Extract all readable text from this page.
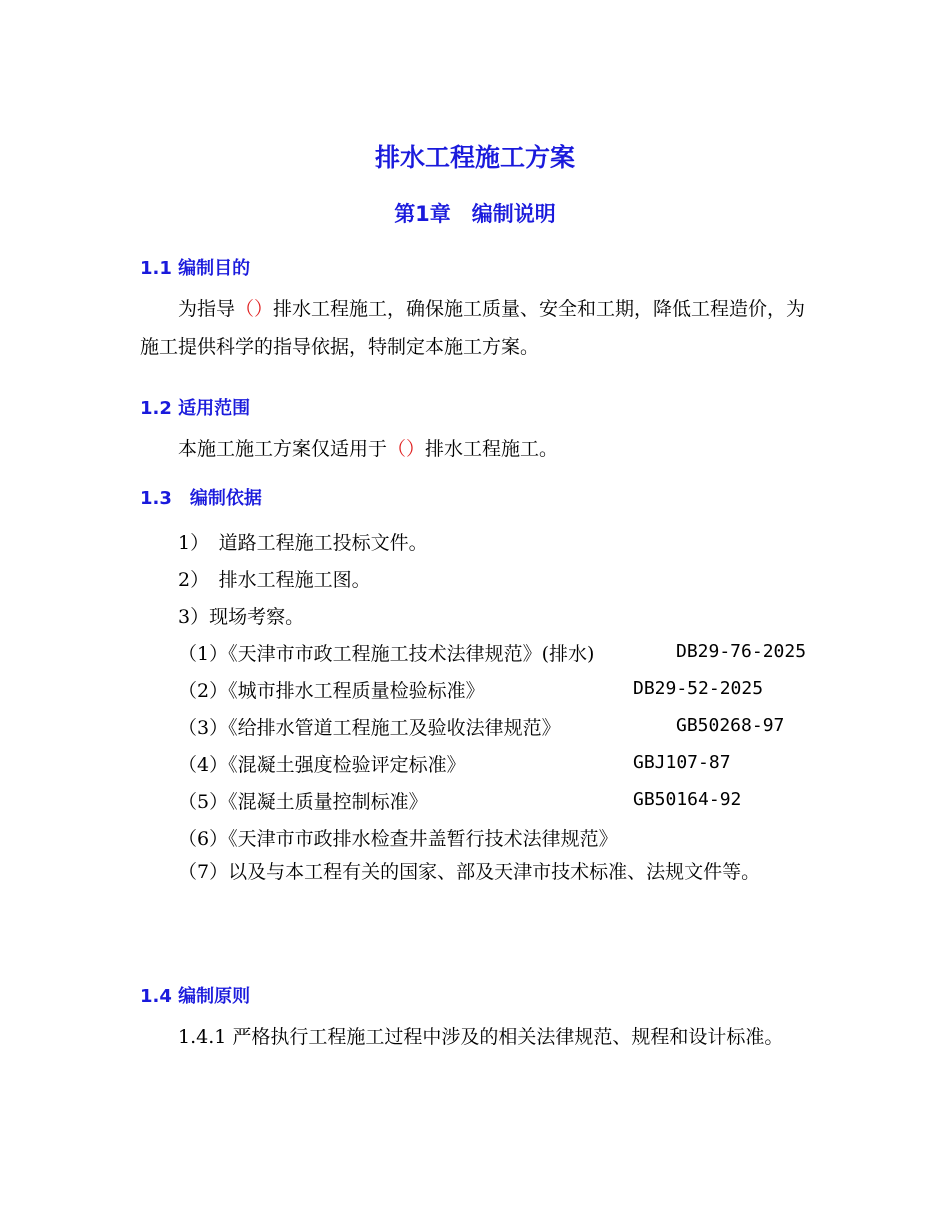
排水工程施工方案
第1章　编制说明
1.1 编制目的
为指导（）排水工程施工，确保施工质量、安全和工期，降低工程造价，为施工提供科学的指导依据，特制定本施工方案。
1.2 适用范围
本施工施工方案仅适用于（）排水工程施工。
1.3　编制依据
1）　道路工程施工投标文件。
2）　排水工程施工图。
3）现场考察。
（1）《天津市市政工程施工技术法律规范》(排水)	DB29-76-2025
（2）《城市排水工程质量检验标准》	DB29-52-2025
（3）《给排水管道工程施工及验收法律规范》	GB50268-97
（4）《混凝土强度检验评定标准》	GBJ107-87
（5）《混凝土质量控制标准》	GB50164-92
（6）《天津市市政排水检查井盖暂行技术法律规范》
（7）以及与本工程有关的国家、部及天津市技术标准、法规文件等。
1.4 编制原则
1.4.1 严格执行工程施工过程中涉及的相关法律规范、规程和设计标准。
